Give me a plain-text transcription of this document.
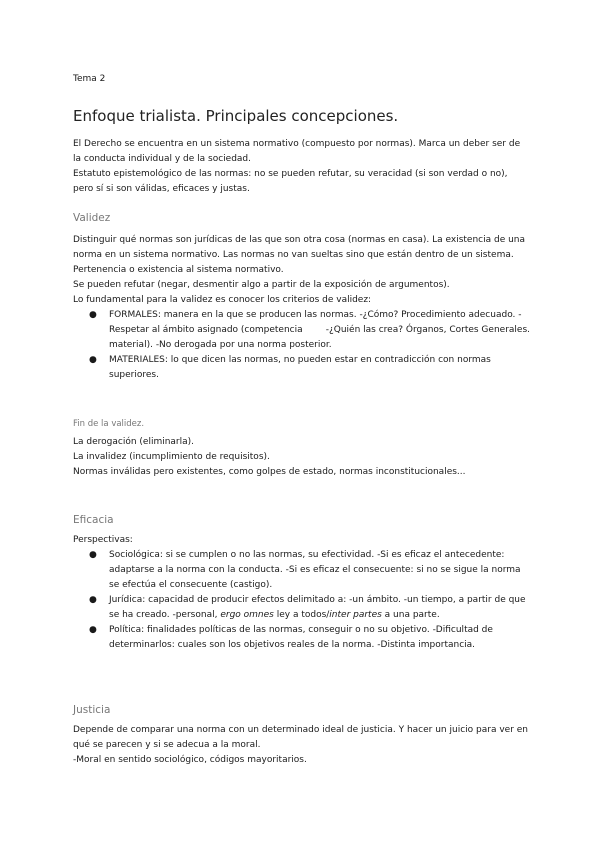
Tema 2
Enfoque trialista. Principales concepciones.

El Derecho se encuentra en un sistema normativo (compuesto por normas). Marca un deber ser de la conducta individual y de la sociedad.

Estatuto epistemológico de las normas: no se pueden refutar, su veracidad (si son verdad o no), pero sí si son válidas, eficaces y justas.

Validez

Distinguir qué normas son jurídicas de las que son otra cosa (normas en casa). La existencia de una norma en un sistema normativo. Las normas no van sueltas sino que están dentro de un sistema.

Pertenencia o existencia al sistema normativo.

Se pueden refutar (negar, desmentir algo a partir de la exposición de argumentos).

Lo fundamental para la validez es conocer los criterios de validez:

● FORMALES: manera en la que se producen las normas.
-¿Quién las crea? Órganos, Cortes Generales.
-¿Cómo? Procedimiento adecuado. -Respetar al ámbito asignado (competencia material). -No derogada por una norma posterior.
● MATERIALES: lo que dicen las normas, no pueden estar en contradicción con normas superiores.
Fin de la validez.

La derogación (eliminarla).

La invalidez (incumplimiento de requisitos).

Normas inválidas pero existentes, como golpes de estado, normas inconstitucionales...

Eficacia

Perspectivas:

● Sociológica: si se cumplen o no las normas, su efectividad. -Si es eficaz el antecedente: adaptarse a la norma con la conducta. -Si es eficaz el consecuente: si no se sigue la norma se efectúa el consecuente (castigo).
● Jurídica: capacidad de producir efectos delimitado a: -un ámbito. -un tiempo, a partir de que se ha creado. -personal, ergo omnes ley a todos/inter partes a una parte.
● Política: finalidades políticas de las normas, conseguir o no su objetivo. -Dificultad de determinarlos: cuales son los objetivos reales de la norma. -Distinta importancia.
Justicia

Depende de comparar una norma con un determinado ideal de justicia. Y hacer un juicio para ver en qué se parecen y si se adecua a la moral.

-Moral en sentido sociológico, códigos mayoritarios.
